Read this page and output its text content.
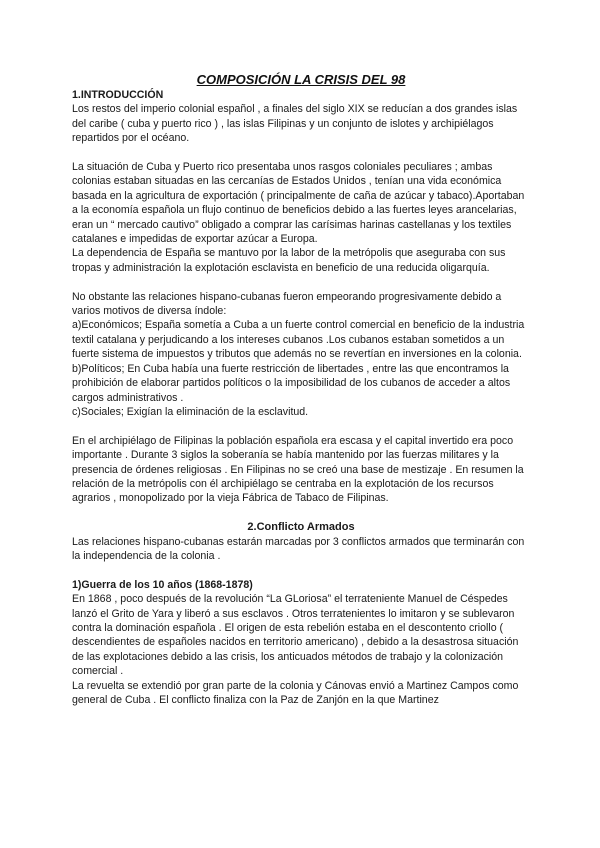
COMPOSICIÓN LA CRISIS DEL 98

1.INTRODUCCIÓN

Los restos del imperio colonial español , a finales del siglo XIX se reducían a dos grandes islas del caribe ( cuba y puerto rico ) , las islas Filipinas y un conjunto de islotes y archipiélagos repartidos por el océano.

La situación de Cuba y Puerto rico presentaba unos rasgos coloniales peculiares ; ambas colonias estaban situadas en las cercanías de Estados Unidos , tenían una vida económica basada en la agricultura de exportación ( principalmente de caña de azúcar y tabaco).Aportaban a la economía española un flujo continuo de beneficios debido a las fuertes leyes arancelarias, eran un “ mercado cautivo” obligado a comprar las carísimas harinas castellanas y los textiles catalanes e impedidas de exportar azúcar a Europa.

La dependencia de España se mantuvo por la labor de la metrópolis que aseguraba con sus tropas y administración la explotación esclavista en beneficio de una reducida oligarquía.

No obstante las relaciones hispano-cubanas fueron empeorando progresivamente debido a varios motivos de diversa índole:

a)Económicos; España sometía a Cuba a un fuerte control comercial en beneficio de la industria textil catalana y perjudicando a los intereses cubanos .Los cubanos estaban sometidos a un fuerte sistema de impuestos y tributos que además no se revertían en inversiones en la colonia.

b)Políticos; En Cuba había una fuerte restricción de libertades , entre las que encontramos la prohibición de elaborar partidos políticos o la imposibilidad de los cubanos de acceder a altos cargos administrativos .

c)Sociales; Exigían la eliminación de la esclavitud.

En el archipiélago de Filipinas la población española era escasa y el capital invertido era poco importante . Durante 3 siglos la soberanía se había mantenido por las fuerzas militares y la presencia de órdenes religiosas . En Filipinas no se creó una base de mestizaje . En resumen la relación de la metrópolis con él archipiélago se centraba en la explotación de los recursos agrarios , monopolizado por la vieja Fábrica de Tabaco de Filipinas.

2.Conflicto Armados

Las relaciones hispano-cubanas estarán marcadas por 3 conflictos armados que terminarán con la independencia de la colonia .

1)Guerra de los 10 años (1868-1878)

En 1868 , poco después de la revolución “La GLoriosa” el terrateniente Manuel de Céspedes lanzó el Grito de Yara y liberó a sus esclavos . Otros terratenientes lo imitaron y se sublevaron contra la dominación española . El origen de esta rebelión estaba en el descontento criollo ( descendientes de españoles nacidos en territorio americano) , debido a la desastrosa situación de las explotaciones debido a las crisis, los anticuados métodos de trabajo y la colonización comercial .

La revuelta se extendió por gran parte de la colonia y Cánovas envió a Martinez Campos como general de Cuba . El conflicto finaliza con la Paz de Zanjón en la que Martinez
